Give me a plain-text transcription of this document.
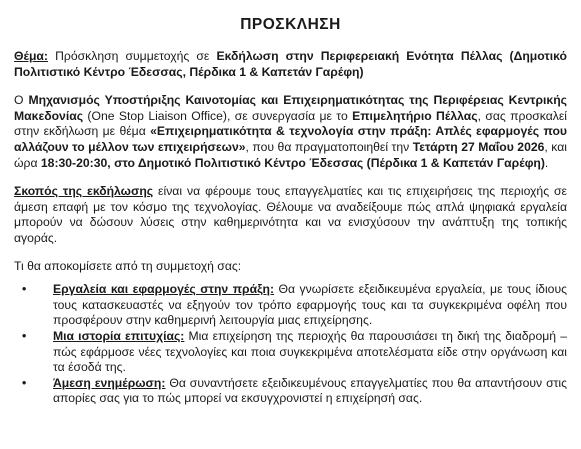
ΠΡΟΣΚΛΗΣΗ

Θέμα: Πρόσκληση συμμετοχής σε Εκδήλωση στην Περιφερειακή Ενότητα Πέλλας (Δημοτικό Πολιτιστικό Κέντρο Έδεσσας, Πέρδικα 1 & Καπετάν Γαρέφη)

Ο Μηχανισμός Υποστήριξης Καινοτομίας και Επιχειρηματικότητας της Περιφέρειας Κεντρικής Μακεδονίας (One Stop Liaison Office), σε συνεργασία με το Επιμελητήριο Πέλλας, σας προσκαλεί στην εκδήλωση με θέμα «Επιχειρηματικότητα & τεχνολογία στην πράξη: Απλές εφαρμογές που αλλάζουν το μέλλον των επιχειρήσεων», που θα πραγματοποιηθεί την Τετάρτη 27 Μαΐου 2026, και ώρα 18:30-20:30, στο Δημοτικό Πολιτιστικό Κέντρο Έδεσσας (Πέρδικα 1 & Καπετάν Γαρέφη).

Σκοπός της εκδήλωσης είναι να φέρουμε τους επαγγελματίες και τις επιχειρήσεις της περιοχής σε άμεση επαφή με τον κόσμο της τεχνολογίας. Θέλουμε να αναδείξουμε πώς απλά ψηφιακά εργαλεία μπορούν να δώσουν λύσεις στην καθημερινότητα και να ενισχύσουν την ανάπτυξη της τοπικής αγοράς.

Τι θα αποκομίσετε από τη συμμετοχή σας:

• Εργαλεία και εφαρμογές στην πράξη: Θα γνωρίσετε εξειδικευμένα εργαλεία, με τους ίδιους τους κατασκευαστές να εξηγούν τον τρόπο εφαρμογής τους και τα συγκεκριμένα οφέλη που προσφέρουν στην καθημερινή λειτουργία μιας επιχείρησης.
• Μια ιστορία επιτυχίας: Μια επιχείρηση της περιοχής θα παρουσιάσει τη δική της διαδρομή – πώς εφάρμοσε νέες τεχνολογίες και ποια συγκεκριμένα αποτελέσματα είδε στην οργάνωση και τα έσοδά της.
• Άμεση ενημέρωση: Θα συναντήσετε εξειδικευμένους επαγγελματίες που θα απαντήσουν στις απορίες σας για το πώς μπορεί να εκσυγχρονιστεί η επιχείρησή σας.
